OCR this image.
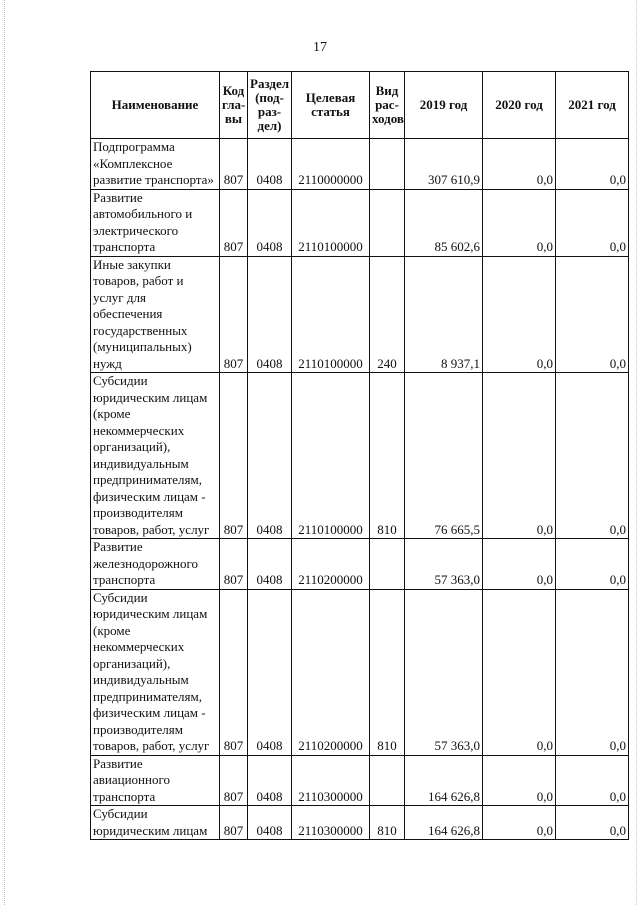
17
Наименование	Код гла- вы	Раздел (под- раз- дел)	Целевая статья	Вид рас- ходов	2019 год	2020 год	2021 год
Подпрограмма «Комплексное развитие транспорта»	807	0408	2110000000		307 610,9	0,0	0,0
Развитие автомобильного и электрического транспорта	807	0408	2110100000		85 602,6	0,0	0,0
Иные закупки товаров, работ и услуг для обеспечения государственных (муниципальных) нужд	807	0408	2110100000	240	8 937,1	0,0	0,0
Субсидии юридическим лицам (кроме некоммерческих организаций), индивидуальным предпринимателям, физическим лицам - производителям товаров, работ, услуг	807	0408	2110100000	810	76 665,5	0,0	0,0
Развитие железнодорожного транспорта	807	0408	2110200000		57 363,0	0,0	0,0
Субсидии юридическим лицам (кроме некоммерческих организаций), индивидуальным предпринимателям, физическим лицам - производителям товаров, работ, услуг	807	0408	2110200000	810	57 363,0	0,0	0,0
Развитие авиационного транспорта	807	0408	2110300000		164 626,8	0,0	0,0
Субсидии юридическим лицам	807	0408	2110300000	810	164 626,8	0,0	0,0
